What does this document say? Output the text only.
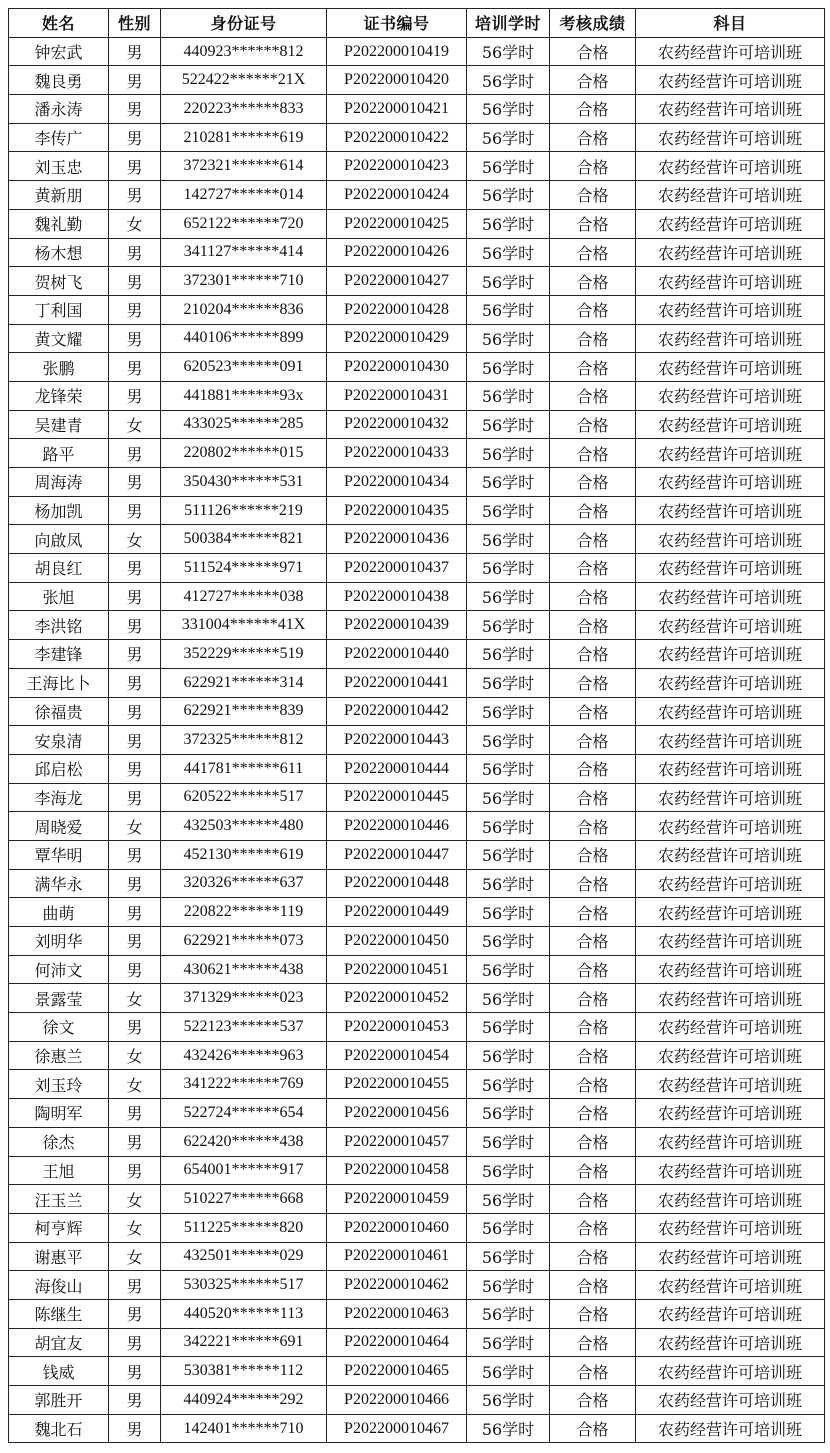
姓名	性别	身份证号	证书编号	培训学时	考核成绩	科目
钟宏武	男	440923******812	P202200010419	56学时	合格	农药经营许可培训班
魏良勇	男	522422******21X	P202200010420	56学时	合格	农药经营许可培训班
潘永涛	男	220223******833	P202200010421	56学时	合格	农药经营许可培训班
李传广	男	210281******619	P202200010422	56学时	合格	农药经营许可培训班
刘玉忠	男	372321******614	P202200010423	56学时	合格	农药经营许可培训班
黄新朋	男	142727******014	P202200010424	56学时	合格	农药经营许可培训班
魏礼勤	女	652122******720	P202200010425	56学时	合格	农药经营许可培训班
杨木想	男	341127******414	P202200010426	56学时	合格	农药经营许可培训班
贺树飞	男	372301******710	P202200010427	56学时	合格	农药经营许可培训班
丁利国	男	210204******836	P202200010428	56学时	合格	农药经营许可培训班
黄文耀	男	440106******899	P202200010429	56学时	合格	农药经营许可培训班
张鹏	男	620523******091	P202200010430	56学时	合格	农药经营许可培训班
龙锋荣	男	441881******93x	P202200010431	56学时	合格	农药经营许可培训班
吴建青	女	433025******285	P202200010432	56学时	合格	农药经营许可培训班
路平	男	220802******015	P202200010433	56学时	合格	农药经营许可培训班
周海涛	男	350430******531	P202200010434	56学时	合格	农药经营许可培训班
杨加凯	男	511126******219	P202200010435	56学时	合格	农药经营许可培训班
向啟凤	女	500384******821	P202200010436	56学时	合格	农药经营许可培训班
胡良红	男	511524******971	P202200010437	56学时	合格	农药经营许可培训班
张旭	男	412727******038	P202200010438	56学时	合格	农药经营许可培训班
李洪铭	男	331004******41X	P202200010439	56学时	合格	农药经营许可培训班
李建锋	男	352229******519	P202200010440	56学时	合格	农药经营许可培训班
王海比卜	男	622921******314	P202200010441	56学时	合格	农药经营许可培训班
徐福贵	男	622921******839	P202200010442	56学时	合格	农药经营许可培训班
安泉清	男	372325******812	P202200010443	56学时	合格	农药经营许可培训班
邱启松	男	441781******611	P202200010444	56学时	合格	农药经营许可培训班
李海龙	男	620522******517	P202200010445	56学时	合格	农药经营许可培训班
周晓爱	女	432503******480	P202200010446	56学时	合格	农药经营许可培训班
覃华明	男	452130******619	P202200010447	56学时	合格	农药经营许可培训班
满华永	男	320326******637	P202200010448	56学时	合格	农药经营许可培训班
曲萌	男	220822******119	P202200010449	56学时	合格	农药经营许可培训班
刘明华	男	622921******073	P202200010450	56学时	合格	农药经营许可培训班
何沛文	男	430621******438	P202200010451	56学时	合格	农药经营许可培训班
景露莹	女	371329******023	P202200010452	56学时	合格	农药经营许可培训班
徐文	男	522123******537	P202200010453	56学时	合格	农药经营许可培训班
徐惠兰	女	432426******963	P202200010454	56学时	合格	农药经营许可培训班
刘玉玲	女	341222******769	P202200010455	56学时	合格	农药经营许可培训班
陶明军	男	522724******654	P202200010456	56学时	合格	农药经营许可培训班
徐杰	男	622420******438	P202200010457	56学时	合格	农药经营许可培训班
王旭	男	654001******917	P202200010458	56学时	合格	农药经营许可培训班
汪玉兰	女	510227******668	P202200010459	56学时	合格	农药经营许可培训班
柯亨辉	女	511225******820	P202200010460	56学时	合格	农药经营许可培训班
谢惠平	女	432501******029	P202200010461	56学时	合格	农药经营许可培训班
海俊山	男	530325******517	P202200010462	56学时	合格	农药经营许可培训班
陈继生	男	440520******113	P202200010463	56学时	合格	农药经营许可培训班
胡宜友	男	342221******691	P202200010464	56学时	合格	农药经营许可培训班
钱威	男	530381******112	P202200010465	56学时	合格	农药经营许可培训班
郭胜开	男	440924******292	P202200010466	56学时	合格	农药经营许可培训班
魏北石	男	142401******710	P202200010467	56学时	合格	农药经营许可培训班
